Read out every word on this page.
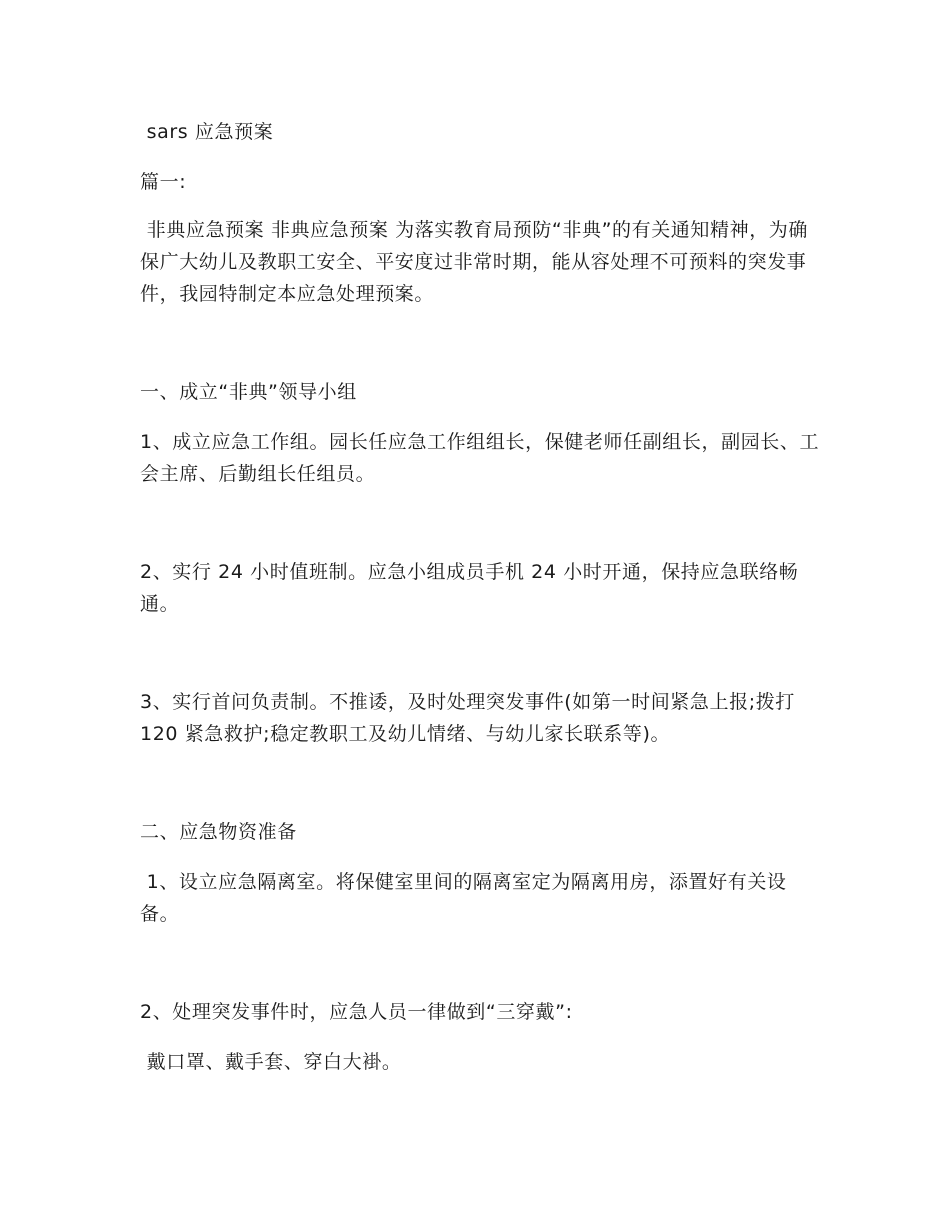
sars 应急预案
篇一:
非典应急预案 非典应急预案 为落实教育局预防“非典”的有关通知精神，为确保广大幼儿及教职工安全、平安度过非常时期，能从容处理不可预料的突发事件，我园特制定本应急处理预案。
一、成立“非典”领导小组
1、成立应急工作组。园长任应急工作组组长，保健老师任副组长，副园长、工会主席、后勤组长任组员。
2、实行 24 小时值班制。应急小组成员手机 24 小时开通，保持应急联络畅通。
3、实行首问负责制。不推诿，及时处理突发事件(如第一时间紧急上报;拨打 120 紧急救护;稳定教职工及幼儿情绪、与幼儿家长联系等)。
二、应急物资准备
1、设立应急隔离室。将保健室里间的隔离室定为隔离用房，添置好有关设备。
2、处理突发事件时，应急人员一律做到“三穿戴”:
戴口罩、戴手套、穿白大褂。
